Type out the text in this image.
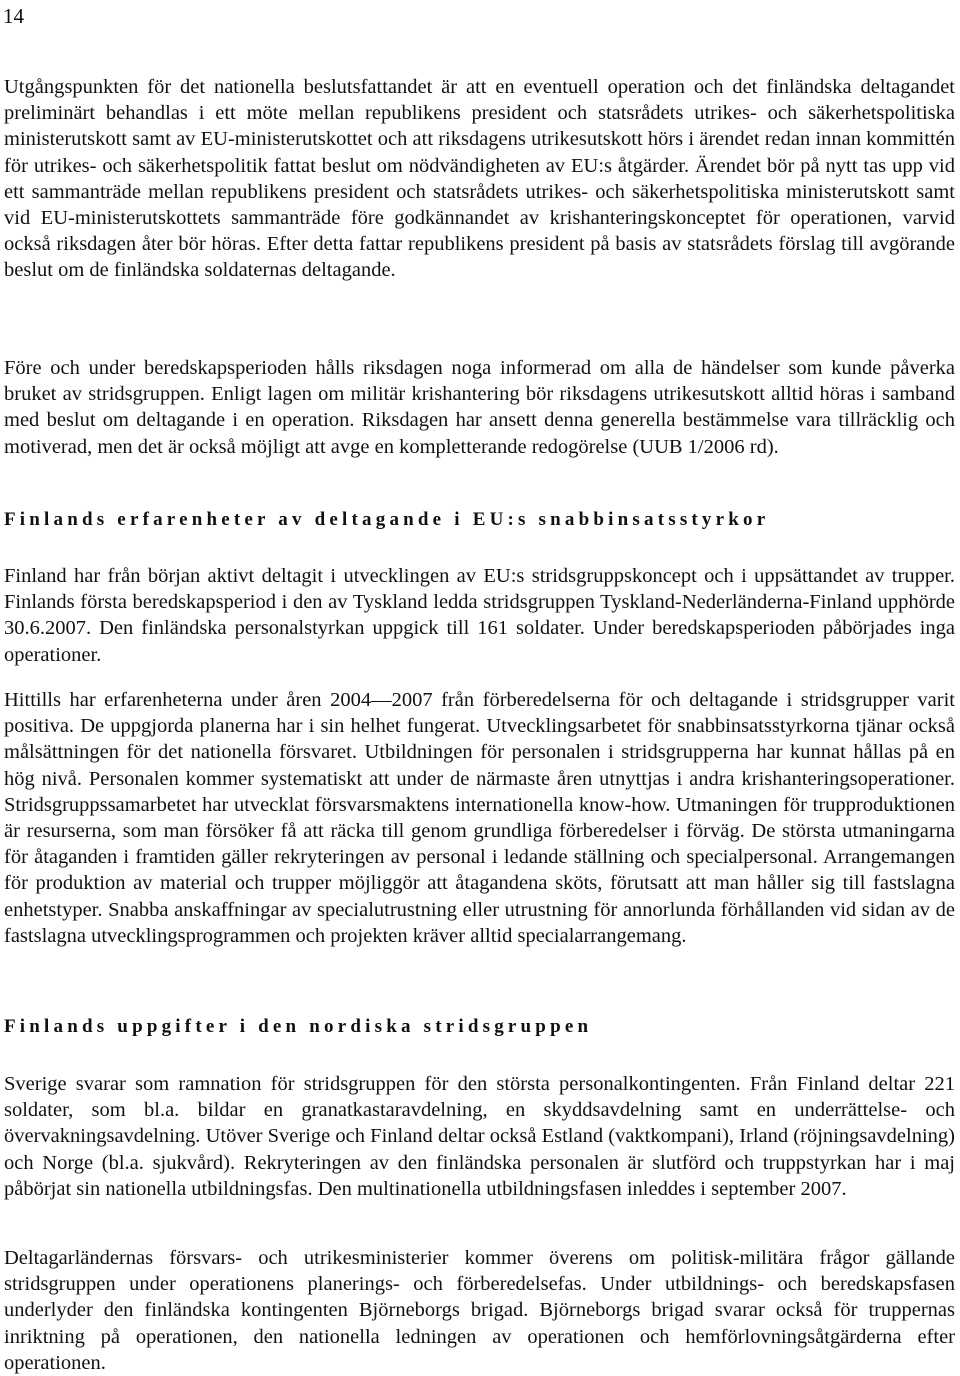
14

Utgångspunkten för det nationella beslutsfattandet är att en eventuell operation och det finländska deltagandet preliminärt behandlas i ett möte mellan republikens president och statsrådets utrikes- och säkerhetspolitiska ministerutskott samt av EU-ministerutskottet och att riksdagens utrikesutskott hörs i ärendet redan innan kommittén för utrikes- och säkerhetspolitik fattat beslut om nödvändigheten av EU:s åtgärder. Ärendet bör på nytt tas upp vid ett sammanträde mellan republikens president och statsrådets utrikes- och säkerhetspolitiska ministerutskott samt vid EU-ministerutskottets sammanträde före godkännandet av krishanteringskonceptet för operationen, varvid också riksdagen åter bör höras. Efter detta fattar republikens president på basis av statsrådets förslag till avgörande beslut om de finländska soldaternas deltagande.

Före och under beredskapsperioden hålls riksdagen noga informerad om alla de händelser som kunde påverka bruket av stridsgruppen. Enligt lagen om militär krishantering bör riksdagens utrikesutskott alltid höras i samband med beslut om deltagande i en operation. Riksdagen har ansett denna generella bestämmelse vara tillräcklig och motiverad, men det är också möjligt att avge en kompletterande redogörelse (UUB 1/2006 rd).

Finlands erfarenheter av deltagande i EU:s snabbinsatsstyrkor

Finland har från början aktivt deltagit i utvecklingen av EU:s stridsgruppskoncept och i uppsättandet av trupper. Finlands första beredskapsperiod i den av Tyskland ledda stridsgruppen Tyskland-Nederländerna-Finland upphörde 30.6.2007. Den finländska personalstyrkan uppgick till 161 soldater. Under beredskapsperioden påbörjades inga operationer.

Hittills har erfarenheterna under åren 2004—2007 från förberedelserna för och deltagande i stridsgrupper varit positiva. De uppgjorda planerna har i sin helhet fungerat. Utvecklingsarbetet för snabbinsatsstyrkorna tjänar också målsättningen för det nationella försvaret. Utbildningen för personalen i stridsgrupperna har kunnat hållas på en hög nivå. Personalen kommer systematiskt att under de närmaste åren utnyttjas i andra krishanteringsoperationer. Stridsgruppssamarbetet har utvecklat försvarsmaktens internationella know-how. Utmaningen för trupproduktionen är resurserna, som man försöker få att räcka till genom grundliga förberedelser i förväg. De största utmaningarna för åtaganden i framtiden gäller rekryteringen av personal i ledande ställning och specialpersonal. Arrangemangen för produktion av material och trupper möjliggör att åtagandena sköts, förutsatt att man håller sig till fastslagna enhetstyper. Snabba anskaffningar av specialutrustning eller utrustning för annorlunda förhållanden vid sidan av de fastslagna utvecklingsprogrammen och projekten kräver alltid specialarrangemang.

Finlands uppgifter i den nordiska stridsgruppen

Sverige svarar som ramnation för stridsgruppen för den största personalkontingenten. Från Finland deltar 221 soldater, som bl.a. bildar en granatkastaravdelning, en skyddsavdelning samt en underrättelse- och övervakningsavdelning. Utöver Sverige och Finland deltar också Estland (vaktkompani), Irland (röjningsavdelning) och Norge (bl.a. sjukvård). Rekryteringen av den finländska personalen är slutförd och truppstyrkan har i maj påbörjat sin nationella utbildningsfas. Den multinationella utbildningsfasen inleddes i september 2007.

Deltagarländernas försvars- och utrikesministerier kommer överens om politisk-militära frågor gällande stridsgruppen under operationens planerings- och förberedelsefas. Under utbildnings- och beredskapsfasen underlyder den finländska kontingenten Björneborgs brigad. Björneborgs brigad svarar också för truppernas inriktning på operationen, den nationella ledningen av operationen och hemförlovningsåtgärderna efter operationen.
